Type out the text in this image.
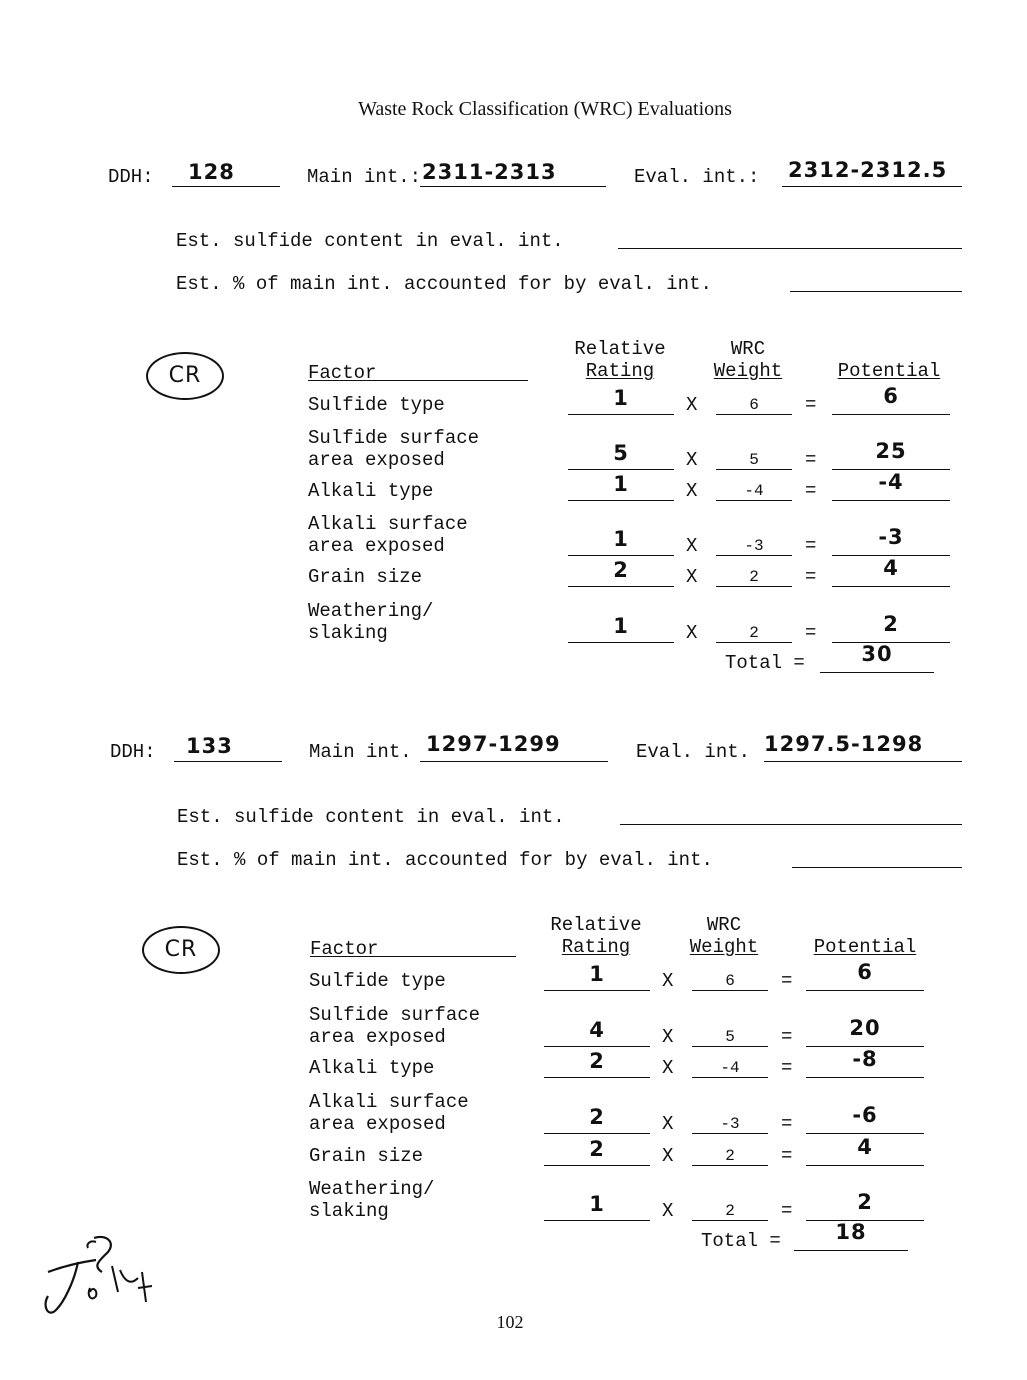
Waste Rock Classification (WRC) Evaluations
DDH: 128	Main int.: 2311-2313	Eval. int.: 2312-2312.5
Est. sulfide content in eval. int.
Est. % of main int. accounted for by eval. int.
CR	Factor
Relative
Rating
WRC
Weight	Potential
Sulfide type	1	X	6	=	6
Sulfide surface
area exposed	5	X	5	=	25
Alkali type	1	X	-4	=	-4
Alkali surface
area exposed	1	X	-3	=	-3
Grain size	2	X	2	=	4
Weathering/
slaking	1	X	2	=	2
Total =	30
DDH: 133	Main int. 1297-1299	Eval. int. 1297.5-1298
Est. sulfide content in eval. int.
Est. % of main int. accounted for by eval. int.
CR	Factor
Relative
Rating
WRC
Weight	Potential
Sulfide type	1	X	6	=	6
Sulfide surface
area exposed	4	X	5	=	20
Alkali type	2	X	-4	=	-8
Alkali surface
area exposed	2	X	-3	=	-6
Grain size	2	X	2	=	4
Weathering/
slaking	1	X	2	=	2
Total =	18
102
